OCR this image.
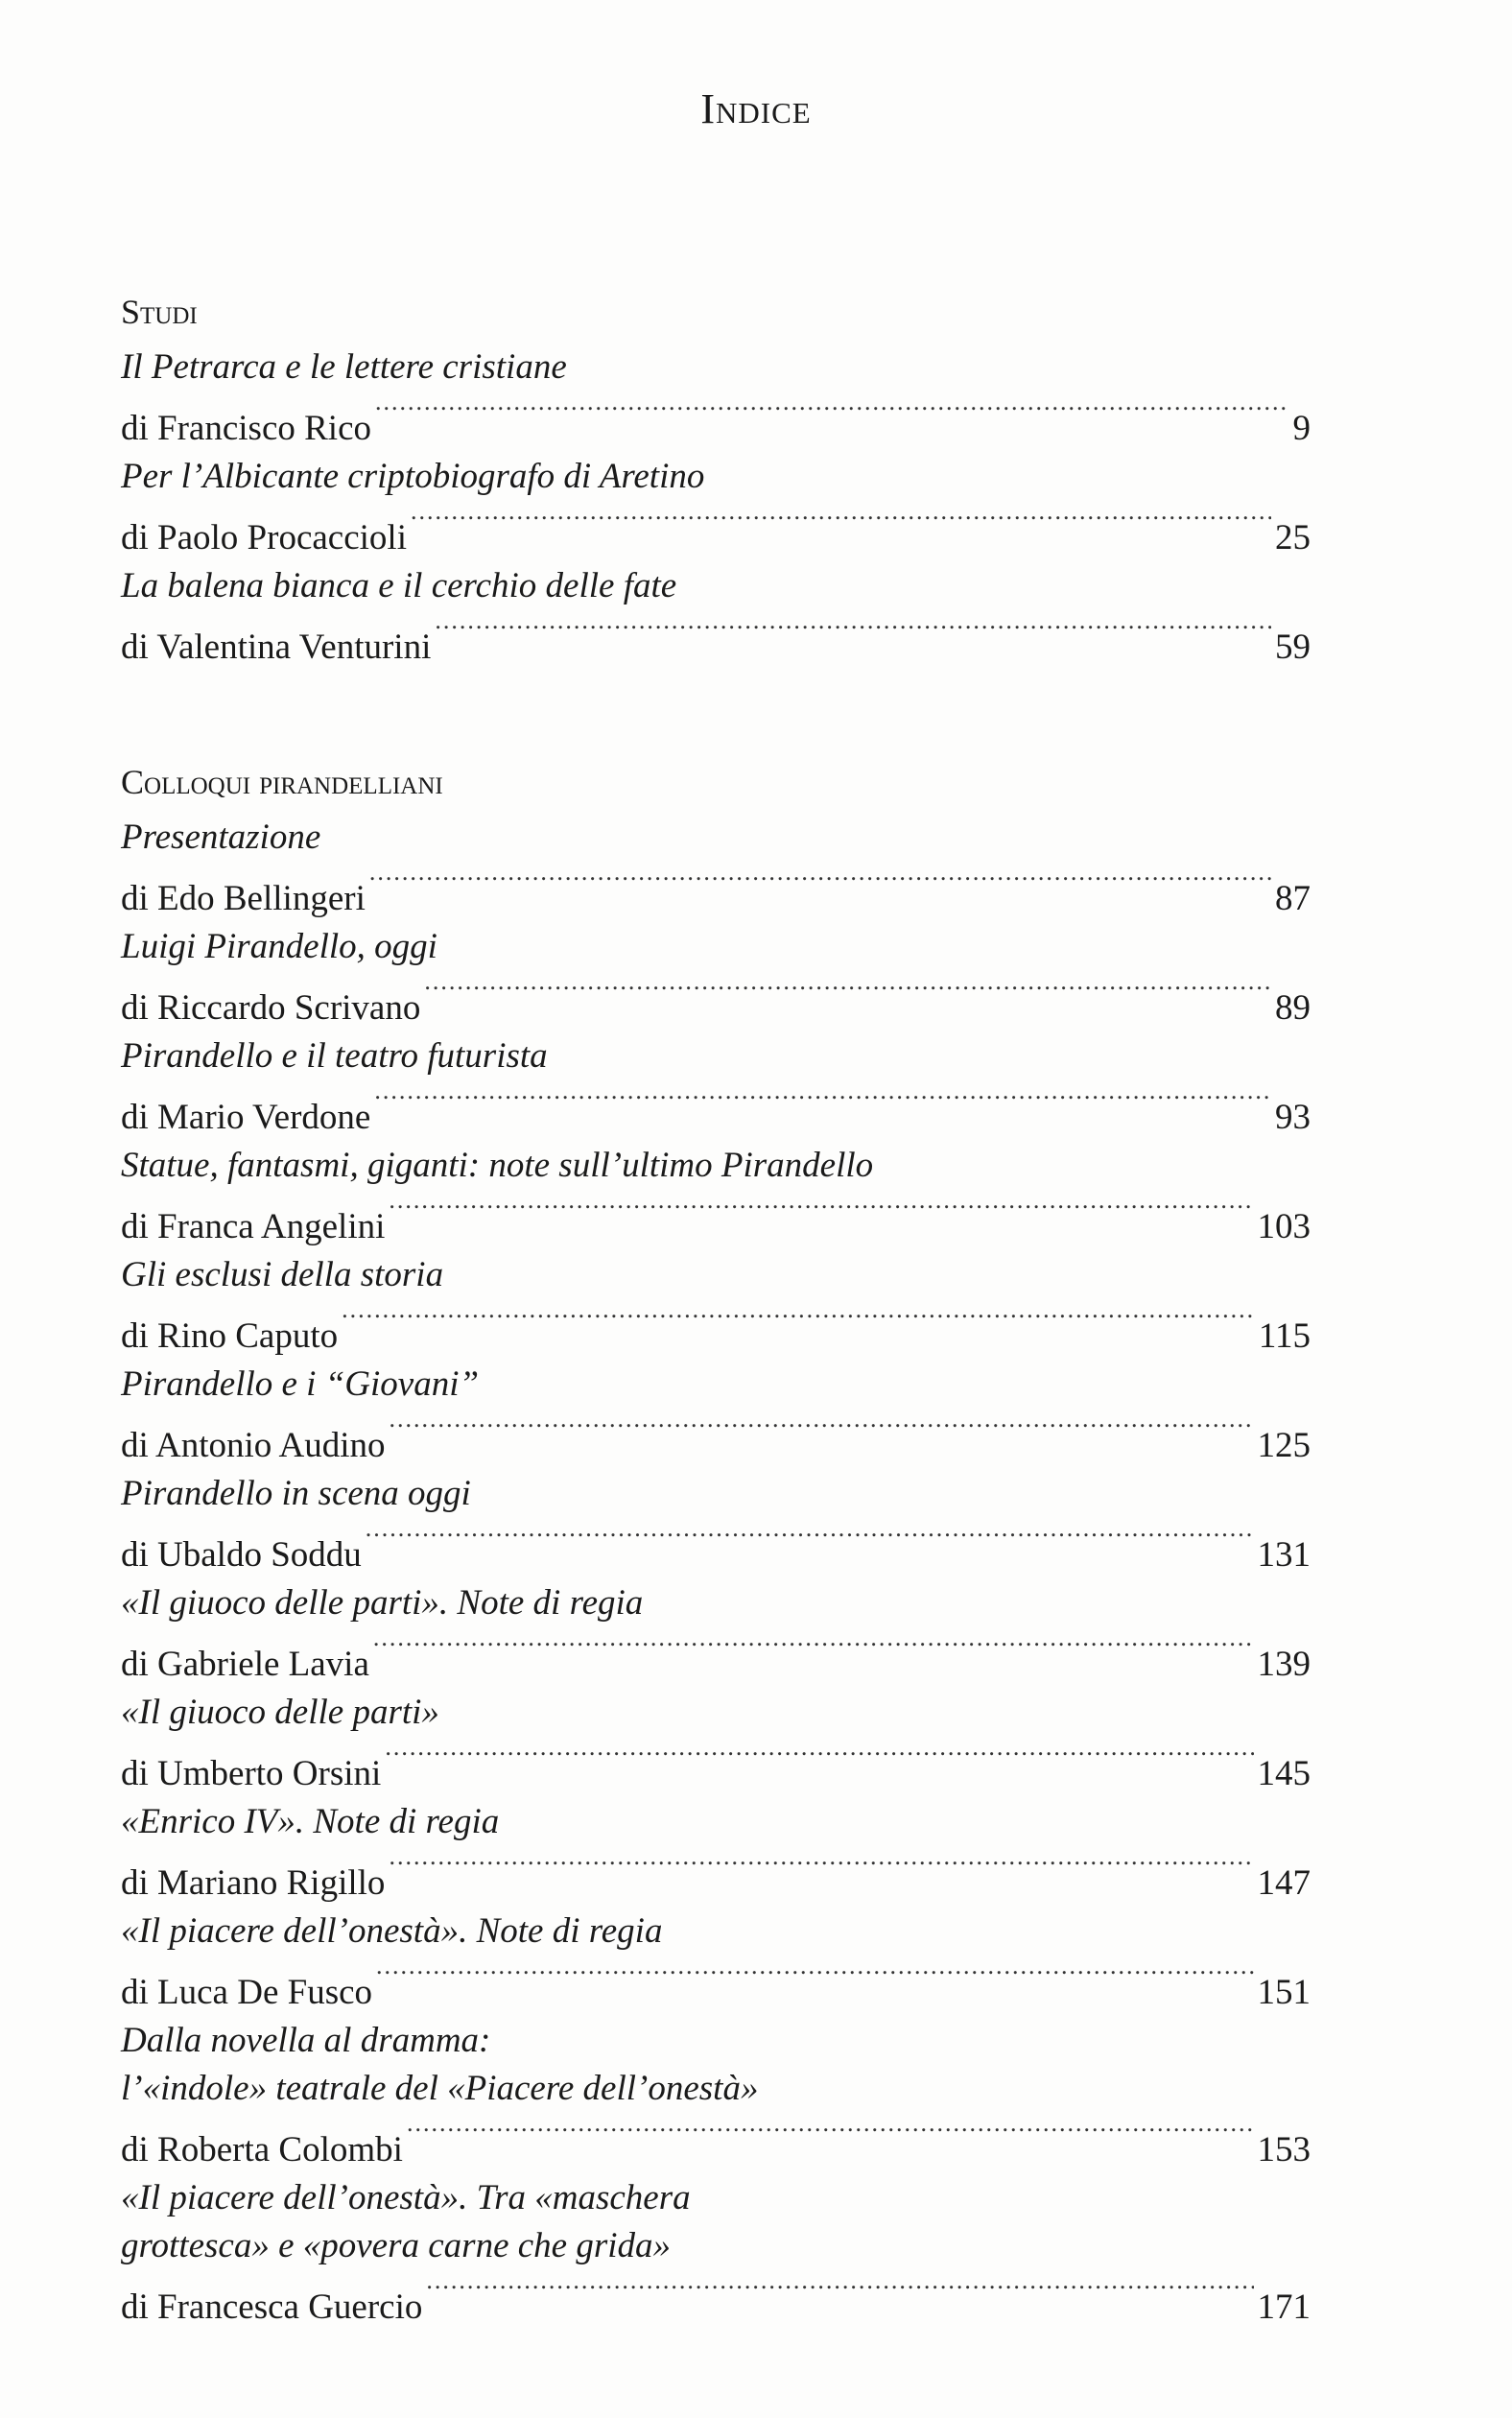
Indice
Studi
Il Petrarca e le lettere cristiane
di Francisco Rico .....	9
Per l’Albicante criptobiografo di Aretino
di Paolo Procaccioli .....	25
La balena bianca e il cerchio delle fate
di Valentina Venturini .....	59
Colloqui pirandelliani
Presentazione
di Edo Bellingeri .....	87
Luigi Pirandello, oggi
di Riccardo Scrivano .....	89
Pirandello e il teatro futurista
di Mario Verdone .....	93
Statue, fantasmi, giganti: note sull’ultimo Pirandello
di Franca Angelini .....	103
Gli esclusi della storia
di Rino Caputo .....	115
Pirandello e i “Giovani”
di Antonio Audino .....	125
Pirandello in scena oggi
di Ubaldo Soddu .....	131
«Il giuoco delle parti». Note di regia
di Gabriele Lavia .....	139
«Il giuoco delle parti»
di Umberto Orsini .....	145
«Enrico IV». Note di regia
di Mariano Rigillo .....	147
«Il piacere dell’onestà». Note di regia
di Luca De Fusco .....	151
Dalla novella al dramma:
l’«indole» teatrale del «Piacere dell’onestà»
di Roberta Colombi .....	153
«Il piacere dell’onestà». Tra «maschera
grottesca» e «povera carne che grida»
di Francesca Guercio .....	171
